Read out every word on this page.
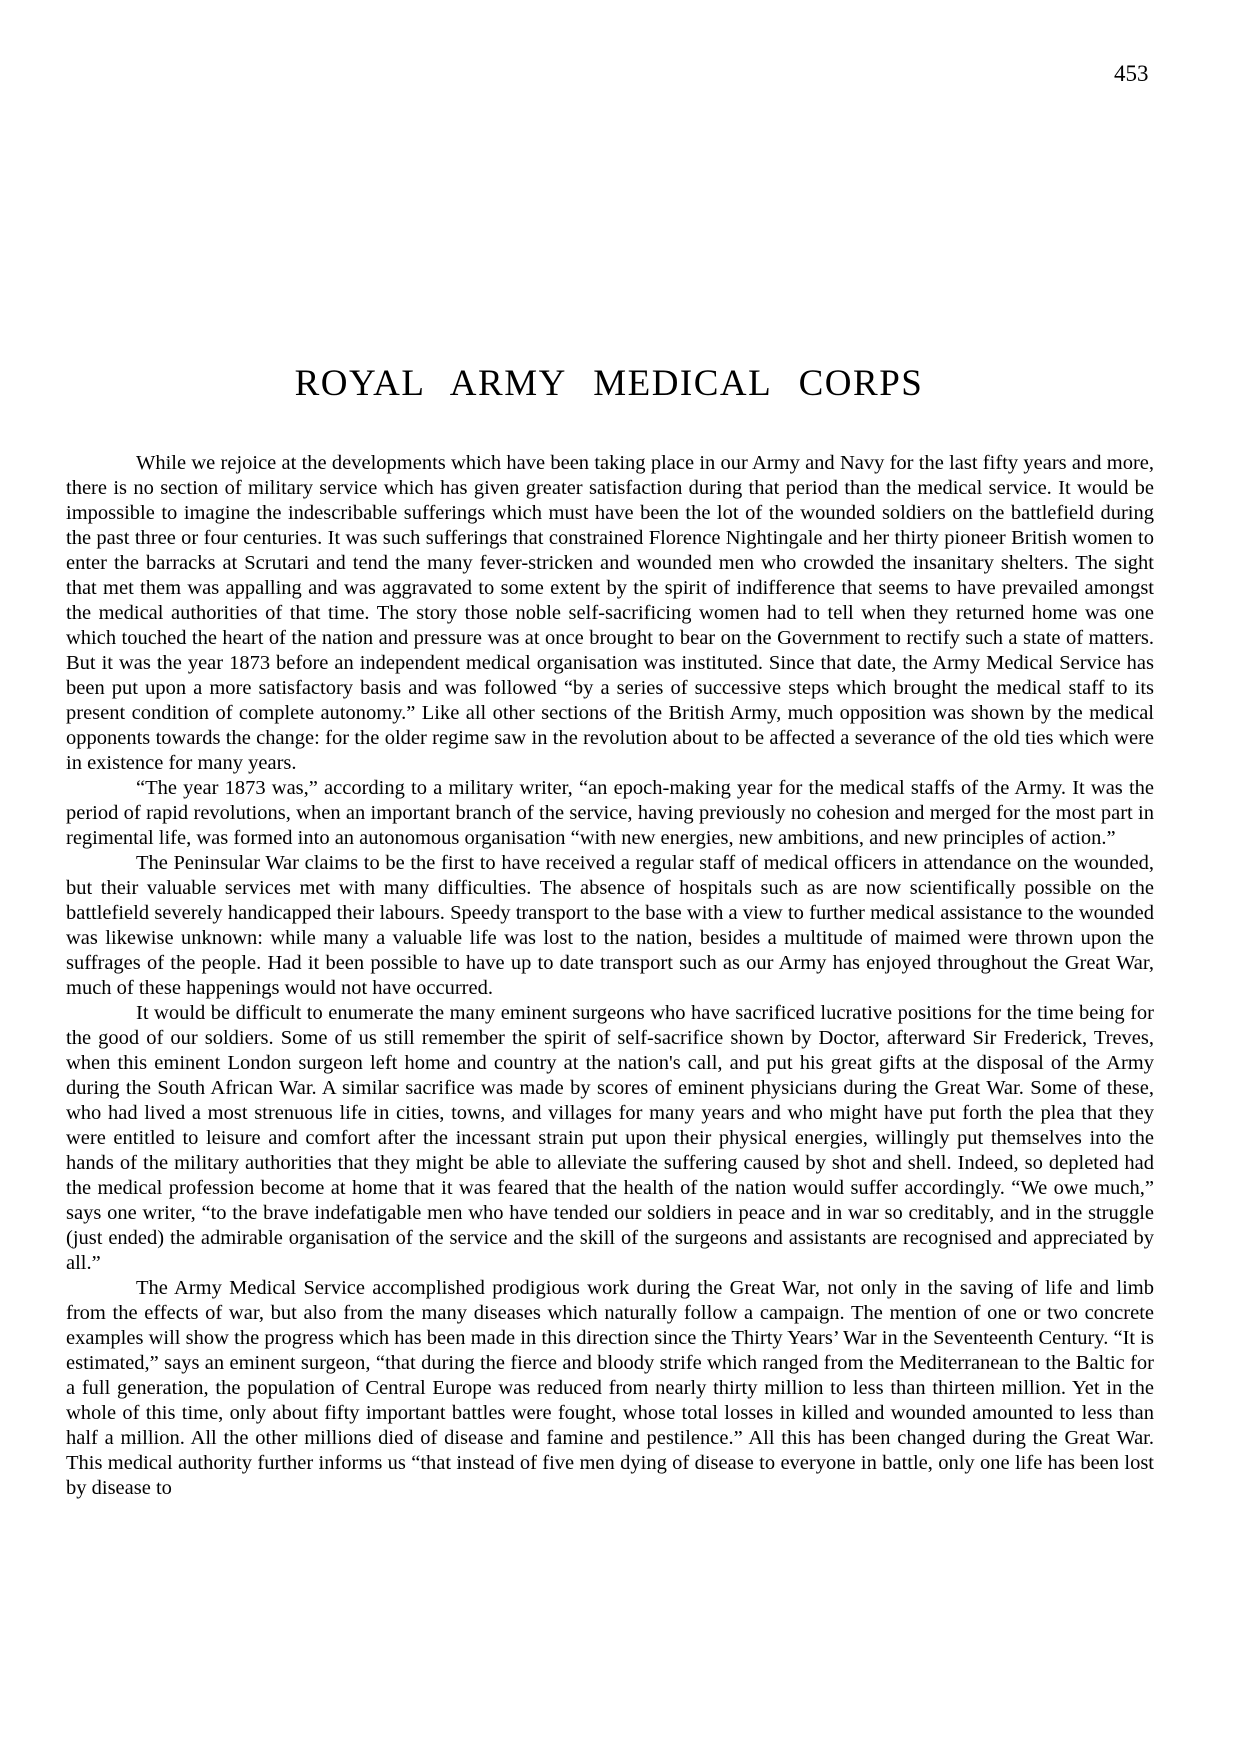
453
ROYAL ARMY MEDICAL CORPS

While we rejoice at the developments which have been taking place in our Army and Navy for the last fifty years and more, there is no section of military service which has given greater satisfaction during that period than the medical service. It would be impossible to imagine the indescribable sufferings which must have been the lot of the wounded soldiers on the battlefield during the past three or four centuries. It was such sufferings that constrained Florence Nightingale and her thirty pioneer British women to enter the barracks at Scrutari and tend the many fever-stricken and wounded men who crowded the insanitary shelters. The sight that met them was appalling and was aggravated to some extent by the spirit of indifference that seems to have prevailed amongst the medical authorities of that time. The story those noble self-sacrificing women had to tell when they returned home was one which touched the heart of the nation and pressure was at once brought to bear on the Government to rectify such a state of matters. But it was the year 1873 before an independent medical organisation was instituted. Since that date, the Army Medical Service has been put upon a more satisfactory basis and was followed “by a series of successive steps which brought the medical staff to its present condition of complete autonomy.” Like all other sections of the British Army, much opposition was shown by the medical opponents towards the change: for the older regime saw in the revolution about to be affected a severance of the old ties which were in existence for many years.

“The year 1873 was,” according to a military writer, “an epoch-making year for the medical staffs of the Army. It was the period of rapid revolutions, when an important branch of the service, having previously no cohesion and merged for the most part in regimental life, was formed into an autonomous organisation “with new energies, new ambitions, and new principles of action.”

The Peninsular War claims to be the first to have received a regular staff of medical officers in attendance on the wounded, but their valuable services met with many difficulties. The absence of hospitals such as are now scientifically possible on the battlefield severely handicapped their labours. Speedy transport to the base with a view to further medical assistance to the wounded was likewise unknown: while many a valuable life was lost to the nation, besides a multitude of maimed were thrown upon the suffrages of the people. Had it been possible to have up to date transport such as our Army has enjoyed throughout the Great War, much of these happenings would not have occurred.

It would be difficult to enumerate the many eminent surgeons who have sacrificed lucrative positions for the time being for the good of our soldiers. Some of us still remember the spirit of self-sacrifice shown by Doctor, afterward Sir Frederick, Treves, when this eminent London surgeon left home and country at the nation's call, and put his great gifts at the disposal of the Army during the South African War. A similar sacrifice was made by scores of eminent physicians during the Great War. Some of these, who had lived a most strenuous life in cities, towns, and villages for many years and who might have put forth the plea that they were entitled to leisure and comfort after the incessant strain put upon their physical energies, willingly put themselves into the hands of the military authorities that they might be able to alleviate the suffering caused by shot and shell. Indeed, so depleted had the medical profession become at home that it was feared that the health of the nation would suffer accordingly. “We owe much,” says one writer, “to the brave indefatigable men who have tended our soldiers in peace and in war so creditably, and in the struggle (just ended) the admirable organisation of the service and the skill of the surgeons and assistants are recognised and appreciated by all.”

The Army Medical Service accomplished prodigious work during the Great War, not only in the saving of life and limb from the effects of war, but also from the many diseases which naturally follow a campaign. The mention of one or two concrete examples will show the progress which has been made in this direction since the Thirty Years’ War in the Seventeenth Century. “It is estimated,” says an eminent surgeon, “that during the fierce and bloody strife which ranged from the Mediterranean to the Baltic for a full generation, the population of Central Europe was reduced from nearly thirty million to less than thirteen million. Yet in the whole of this time, only about fifty important battles were fought, whose total losses in killed and wounded amounted to less than half a million. All the other millions died of disease and famine and pestilence.” All this has been changed during the Great War. This medical authority further informs us “that instead of five men dying of disease to everyone in battle, only one life has been lost by disease to
